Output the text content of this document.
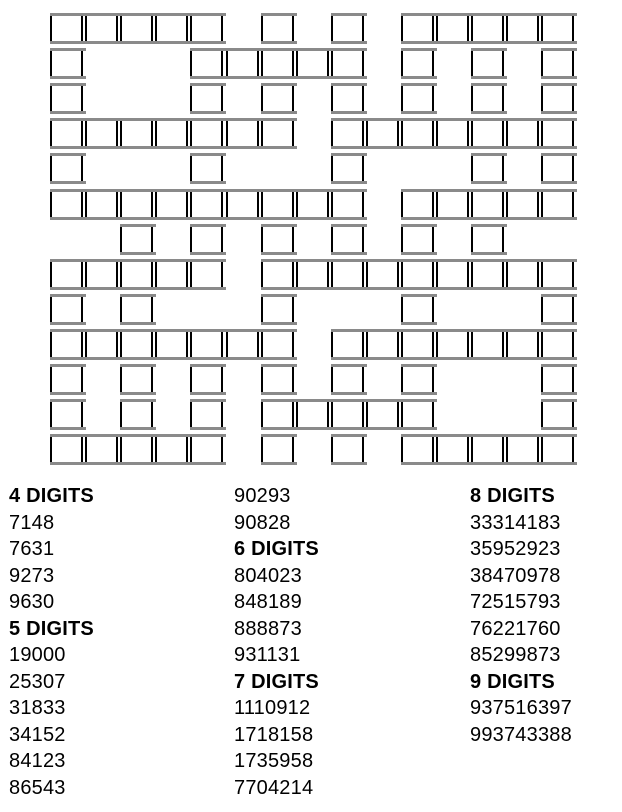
4 DIGITS
7148
7631
9273
9630
5 DIGITS
19000
25307
31833
34152
84123
86543
90293
90828
6 DIGITS
804023
848189
888873
931131
7 DIGITS
1110912
1718158
1735958
7704214
8 DIGITS
33314183
35952923
38470978
72515793
76221760
85299873
9 DIGITS
937516397
993743388
